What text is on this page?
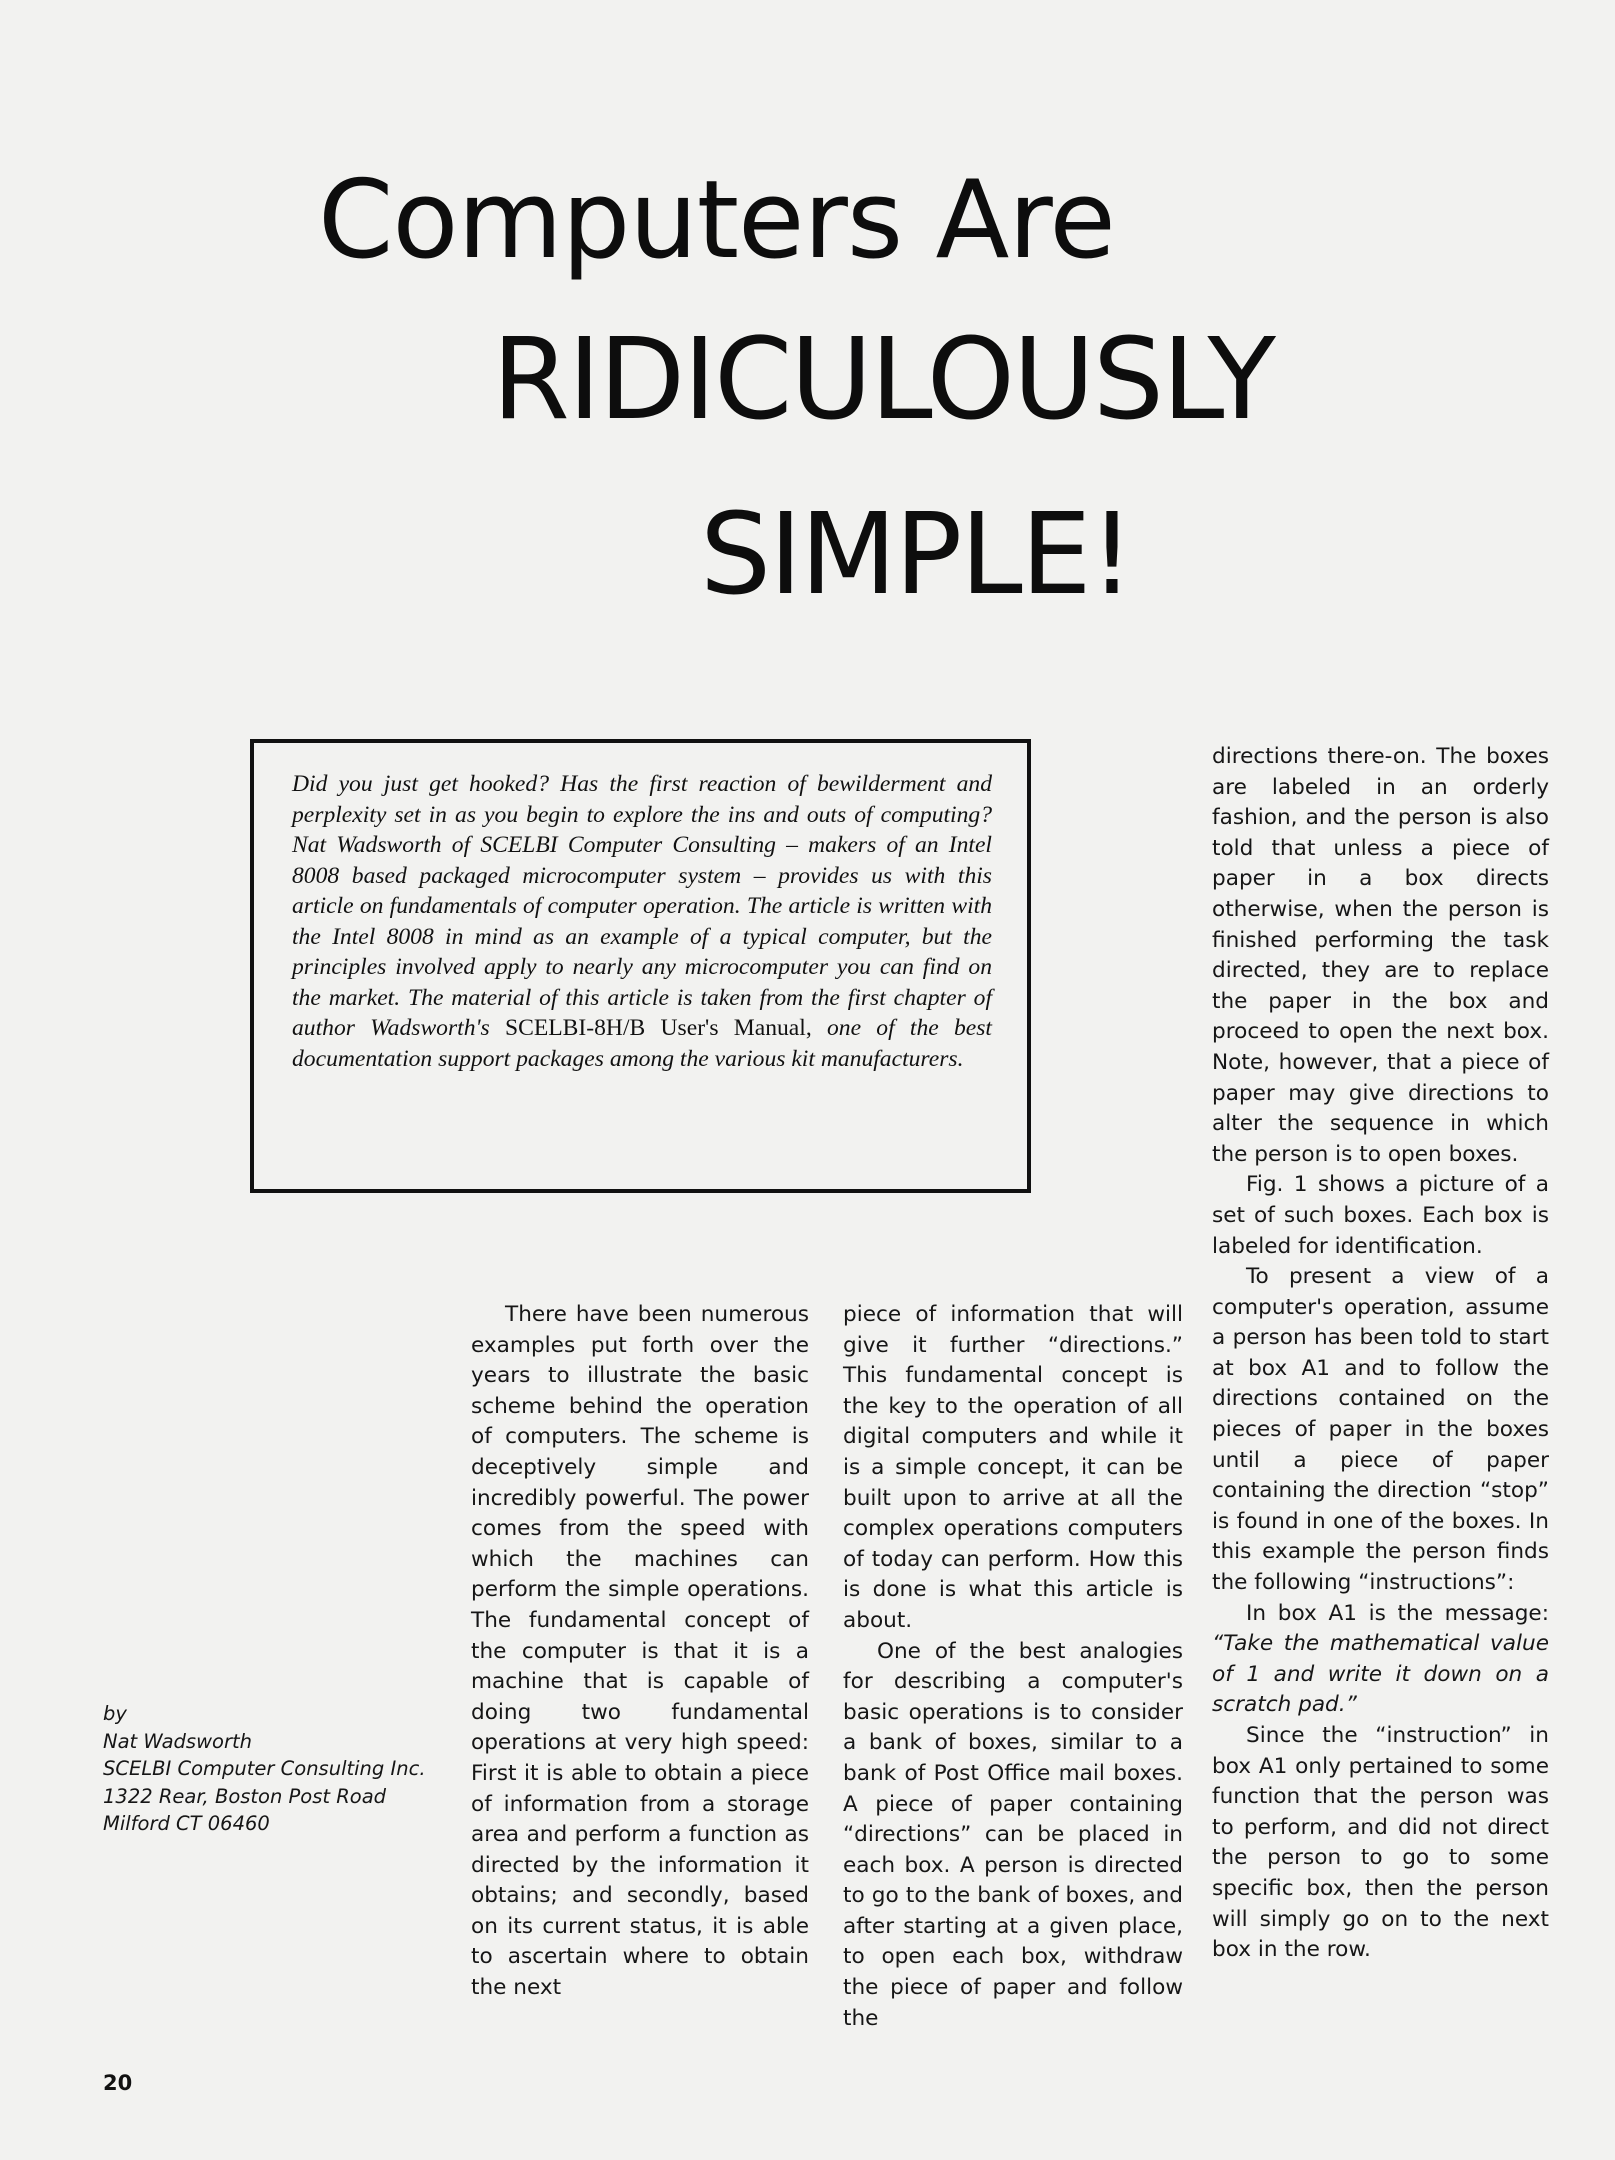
Computers Are
RIDICULOUSLY
SIMPLE!

Did you just get hooked? Has the first reaction of bewilderment and perplexity set in as you begin to explore the ins and outs of computing? Nat Wadsworth of SCELBI Computer Consulting – makers of an Intel 8008 based packaged microcomputer system – provides us with this article on fundamentals of computer operation. The article is written with the Intel 8008 in mind as an example of a typical computer, but the principles involved apply to nearly any microcomputer you can find on the market. The material of this article is taken from the first chapter of author Wadsworth's SCELBI-8H/B User's Manual, one of the best documentation support packages among the various kit manufacturers.

by
Nat Wadsworth
SCELBI Computer Consulting Inc.
1322 Rear, Boston Post Road
Milford CT 06460

There have been numerous examples put forth over the years to illustrate the basic scheme behind the operation of computers. The scheme is deceptively simple and incredibly powerful. The power comes from the speed with which the machines can perform the simple operations. The fundamental concept of the computer is that it is a machine that is capable of doing two fundamental operations at very high speed: First it is able to obtain a piece of information from a storage area and perform a function as directed by the information it obtains; and secondly, based on its current status, it is able to ascertain where to obtain the next

piece of information that will give it further “directions.” This fundamental concept is the key to the operation of all digital computers and while it is a simple concept, it can be built upon to arrive at all the complex operations computers of today can perform. How this is done is what this article is about.

One of the best analogies for describing a computer's basic operations is to consider a bank of boxes, similar to a bank of Post Office mail boxes. A piece of paper containing “directions” can be placed in each box. A person is directed to go to the bank of boxes, and after starting at a given place, to open each box, withdraw the piece of paper and follow the

directions there-on. The boxes are labeled in an orderly fashion, and the person is also told that unless a piece of paper in a box directs otherwise, when the person is finished performing the task directed, they are to replace the paper in the box and proceed to open the next box. Note, however, that a piece of paper may give directions to alter the sequence in which the person is to open boxes.

Fig. 1 shows a picture of a set of such boxes. Each box is labeled for identification.

To present a view of a computer's operation, assume a person has been told to start at box A1 and to follow the directions contained on the pieces of paper in the boxes until a piece of paper containing the direction “stop” is found in one of the boxes. In this example the person finds the following “instructions”:

In box A1 is the message: “Take the mathematical value of 1 and write it down on a scratch pad.”

Since the “instruction” in box A1 only pertained to some function that the person was to perform, and did not direct the person to go to some specific box, then the person will simply go on to the next box in the row.

20
